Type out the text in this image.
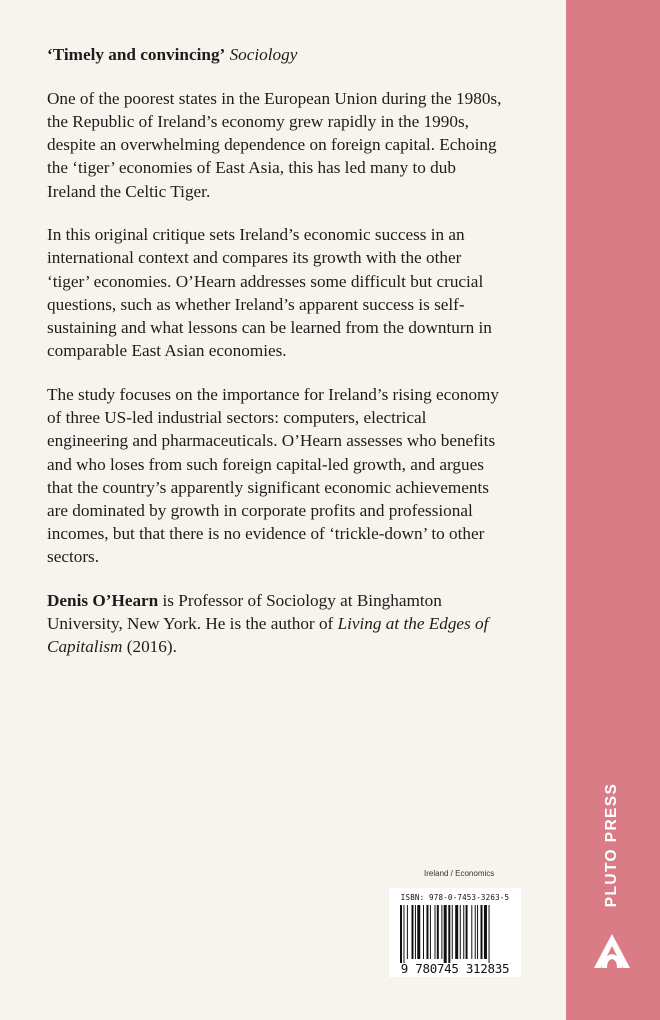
‘Timely and convincing’ Sociology

One of the poorest states in the European Union during the 1980s, the Republic of Ireland’s economy grew rapidly in the 1990s, despite an overwhelming dependence on foreign capital. Echoing the ‘tiger’ economies of East Asia, this has led many to dub Ireland the Celtic Tiger.

In this original critique sets Ireland’s economic success in an international context and compares its growth with the other ‘tiger’ economies. O’Hearn addresses some difficult but crucial questions, such as whether Ireland’s apparent success is self-sustaining and what lessons can be learned from the downturn in comparable East Asian economies.

The study focuses on the importance for Ireland’s rising economy of three US-led industrial sectors: computers, electrical engineering and pharmaceuticals. O’Hearn assesses who benefits and who loses from such foreign capital-led growth, and argues that the country’s apparently significant economic achievements are dominated by growth in corporate profits and professional incomes, but that there is no evidence of ‘trickle-down’ to other sectors.

Denis O’Hearn is Professor of Sociology at Binghamton University, New York. He is the author of Living at the Edges of Capitalism (2016).

Ireland / Economics
ISBN: 978-0-7453-3263-5
9 780745 312835
PLUTO PRESS
